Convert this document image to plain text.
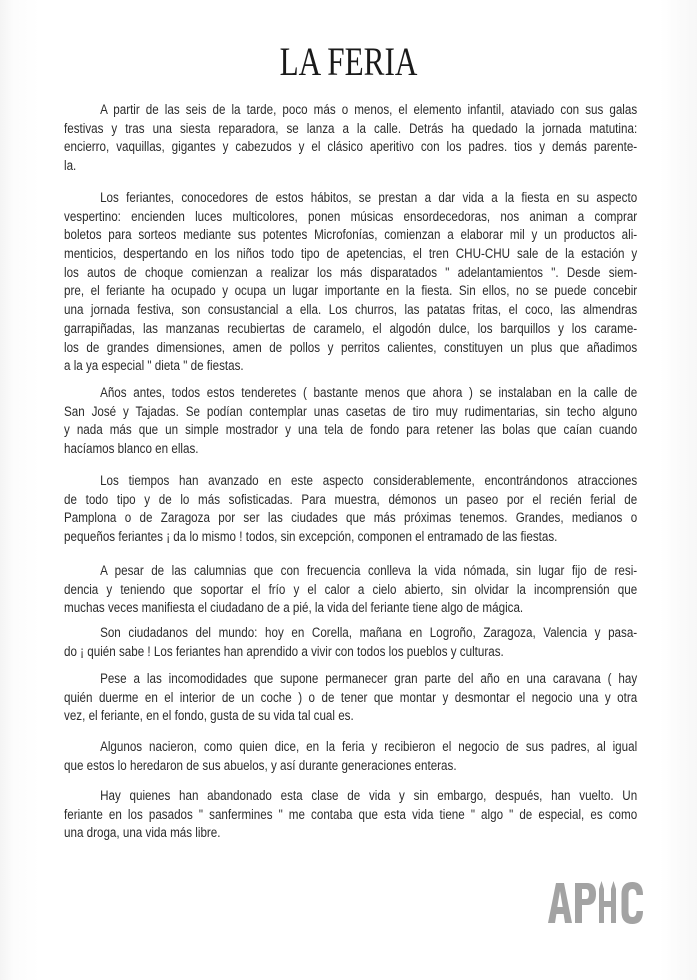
LA FERIA
A partir de las seis de la tarde, poco más o menos, el elemento infantil, ataviado con sus galas
festivas y tras una siesta reparadora, se lanza a la calle. Detrás ha quedado la jornada matutina:
encierro, vaquillas, gigantes y cabezudos y el clásico aperitivo con los padres. tios y demás parente-
la.
Los feriantes, conocedores de estos hábitos, se prestan a dar vida a la fiesta en su aspecto
vespertino: encienden luces multicolores, ponen músicas ensordecedoras, nos animan a comprar
boletos para sorteos mediante sus potentes Microfonías, comienzan a elaborar mil y un productos ali-
menticios, despertando en los niños todo tipo de apetencias, el tren CHU-CHU sale de la estación y
los autos de choque comienzan a realizar los más disparatados " adelantamientos ". Desde siem-
pre, el feriante ha ocupado y ocupa un lugar importante en la fiesta. Sin ellos, no se puede concebir
una jornada festiva, son consustancial a ella. Los churros, las patatas fritas, el coco, las almendras
garrapiñadas, las manzanas recubiertas de caramelo, el algodón dulce, los barquillos y los carame-
los de grandes dimensiones, amen de pollos y perritos calientes, constituyen un plus que añadimos
a la ya especial " dieta " de fiestas.
Años antes, todos estos tenderetes ( bastante menos que ahora ) se instalaban en la calle de
San José y Tajadas. Se podían contemplar unas casetas de tiro muy rudimentarias, sin techo alguno
y nada más que un simple mostrador y una tela de fondo para retener las bolas que caían cuando
hacíamos blanco en ellas.
Los tiempos han avanzado en este aspecto considerablemente, encontrándonos atracciones
de todo tipo y de lo más sofisticadas. Para muestra, démonos un paseo por el recién ferial de
Pamplona o de Zaragoza por ser las ciudades que más próximas tenemos. Grandes, medianos o
pequeños feriantes ¡ da lo mismo ! todos, sin excepción, componen el entramado de las fiestas.
A pesar de las calumnias que con frecuencia conlleva la vida nómada, sin lugar fijo de resi-
dencia y teniendo que soportar el frío y el calor a cielo abierto, sin olvidar la incomprensión que
muchas veces manifiesta el ciudadano de a pié, la vida del feriante tiene algo de mágica.
Son ciudadanos del mundo: hoy en Corella, mañana en Logroño, Zaragoza, Valencia y pasa-
do ¡ quién sabe ! Los feriantes han aprendido a vivir con todos los pueblos y culturas.
Pese a las incomodidades que supone permanecer gran parte del año en una caravana ( hay
quién duerme en el interior de un coche ) o de tener que montar y desmontar el negocio una y otra
vez, el feriante, en el fondo, gusta de su vida tal cual es.
Algunos nacieron, como quien dice, en la feria y recibieron el negocio de sus padres, al igual
que estos lo heredaron de sus abuelos, y así durante generaciones enteras.
Hay quienes han abandonado esta clase de vida y sin embargo, después, han vuelto. Un
feriante en los pasados " sanfermines " me contaba que esta vida tiene " algo " de especial, es como
una droga, una vida más libre.
APHC
